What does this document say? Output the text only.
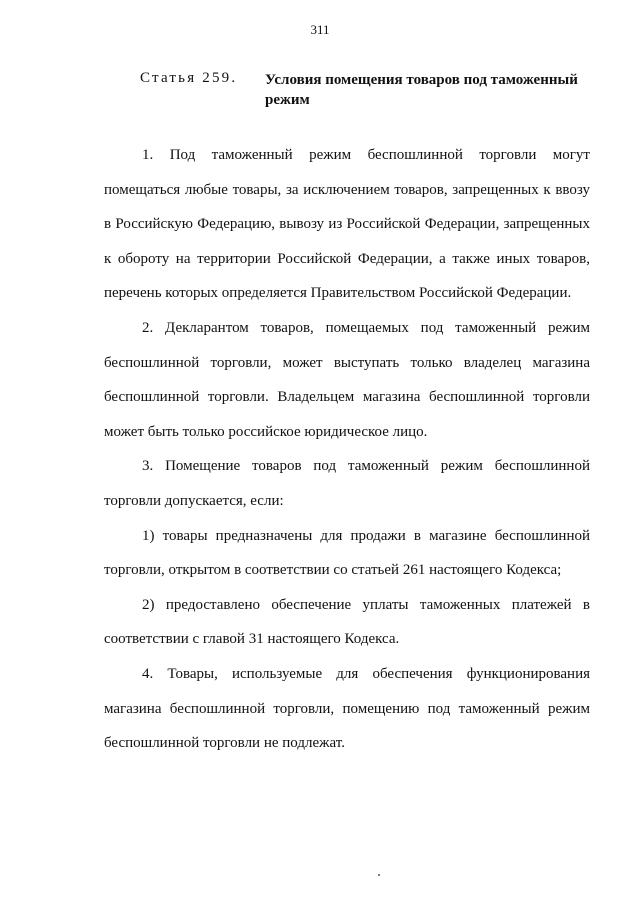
311
Статья 259. Условия помещения товаров под таможенный режим

1. Под таможенный режим беспошлинной торговли могут помещаться любые товары, за исключением товаров, запрещенных к ввозу в Российскую Федерацию, вывозу из Российской Федерации, запрещенных к обороту на территории Российской Федерации, а также иных товаров, перечень которых определяется Правительством Российской Федерации.

2. Декларантом товаров, помещаемых под таможенный режим беспошлинной торговли, может выступать только владелец магазина беспошлинной торговли. Владельцем магазина беспошлинной торговли может быть только российское юридическое лицо.

3. Помещение товаров под таможенный режим беспошлинной торговли допускается, если:

1) товары предназначены для продажи в магазине беспошлинной торговли, открытом в соответствии со статьей 261 настоящего Кодекса;

2) предоставлено обеспечение уплаты таможенных платежей в соответствии с главой 31 настоящего Кодекса.

4. Товары, используемые для обеспечения функционирования магазина беспошлинной торговли, помещению под таможенный режим беспошлинной торговли не подлежат.
